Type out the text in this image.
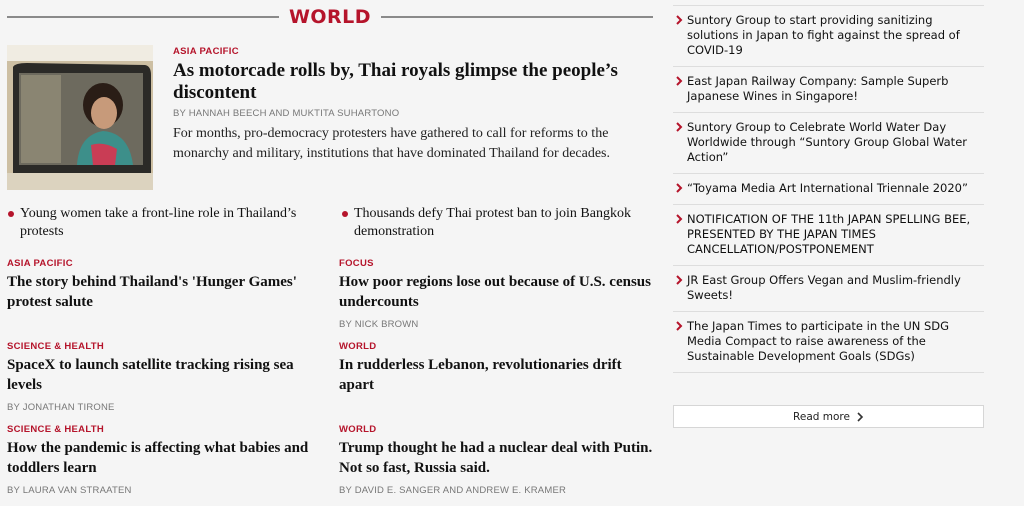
WORLD
ASIA PACIFIC
As motorcade rolls by, Thai royals glimpse the people’s discontent
BY HANNAH BEECH AND MUKTITA SUHARTONO
For months, pro-democracy protesters have gathered to call for reforms to the monarchy and military, institutions that have dominated Thailand for decades.
Young women take a front-line role in Thailand’s protests
Thousands defy Thai protest ban to join Bangkok demonstration
ASIA PACIFIC
The story behind Thailand's 'Hunger Games' protest salute
FOCUS
How poor regions lose out because of U.S. census undercounts
BY NICK BROWN
SCIENCE & HEALTH
SpaceX to launch satellite tracking rising sea levels
BY JONATHAN TIRONE
WORLD
In rudderless Lebanon, revolutionaries drift apart
SCIENCE & HEALTH
How the pandemic is affecting what babies and toddlers learn
BY LAURA VAN STRAATEN
WORLD
Trump thought he had a nuclear deal with Putin. Not so fast, Russia said.
BY DAVID E. SANGER AND ANDREW E. KRAMER
Suntory Group to start providing sanitizing solutions in Japan to fight against the spread of COVID-19
East Japan Railway Company: Sample Superb Japanese Wines in Singapore!
Suntory Group to Celebrate World Water Day Worldwide through “Suntory Group Global Water Action”
“Toyama Media Art International Triennale 2020”
NOTIFICATION OF THE 11th JAPAN SPELLING BEE, PRESENTED BY THE JAPAN TIMES CANCELLATION/POSTPONEMENT
JR East Group Offers Vegan and Muslim-friendly Sweets!
The Japan Times to participate in the UN SDG Media Compact to raise awareness of the Sustainable Development Goals (SDGs)
Read more
